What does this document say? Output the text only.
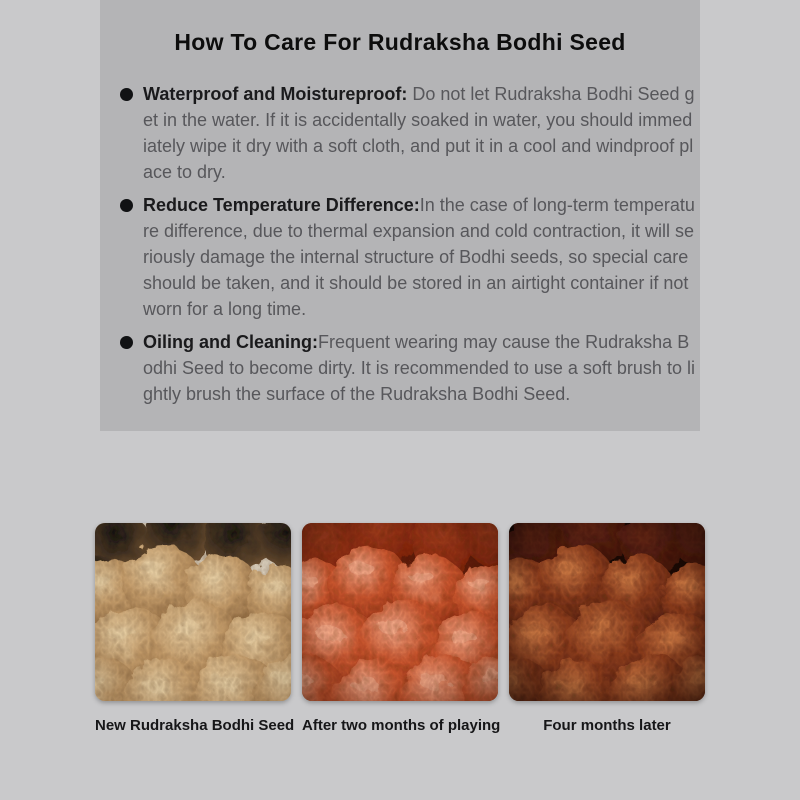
How To Care For Rudraksha Bodhi Seed

Waterproof and Moistureproof: Do not let Rudraksha Bodhi Seed get in the water. If it is accidentally soaked in water, you should immediately wipe it dry with a soft cloth, and put it in a cool and windproof place to dry.

Reduce Temperature Difference:In the case of long-term temperature difference, due to thermal expansion and cold contraction, it will seriously damage the internal structure of Bodhi seeds, so special care should be taken, and it should be stored in an airtight container if not worn for a long time.

Oiling and Cleaning:Frequent wearing may cause the Rudraksha Bodhi Seed to become dirty. It is recommended to use a soft brush to lightly brush the surface of the Rudraksha Bodhi Seed.

New Rudraksha Bodhi Seed After two months of playing	Four months later
